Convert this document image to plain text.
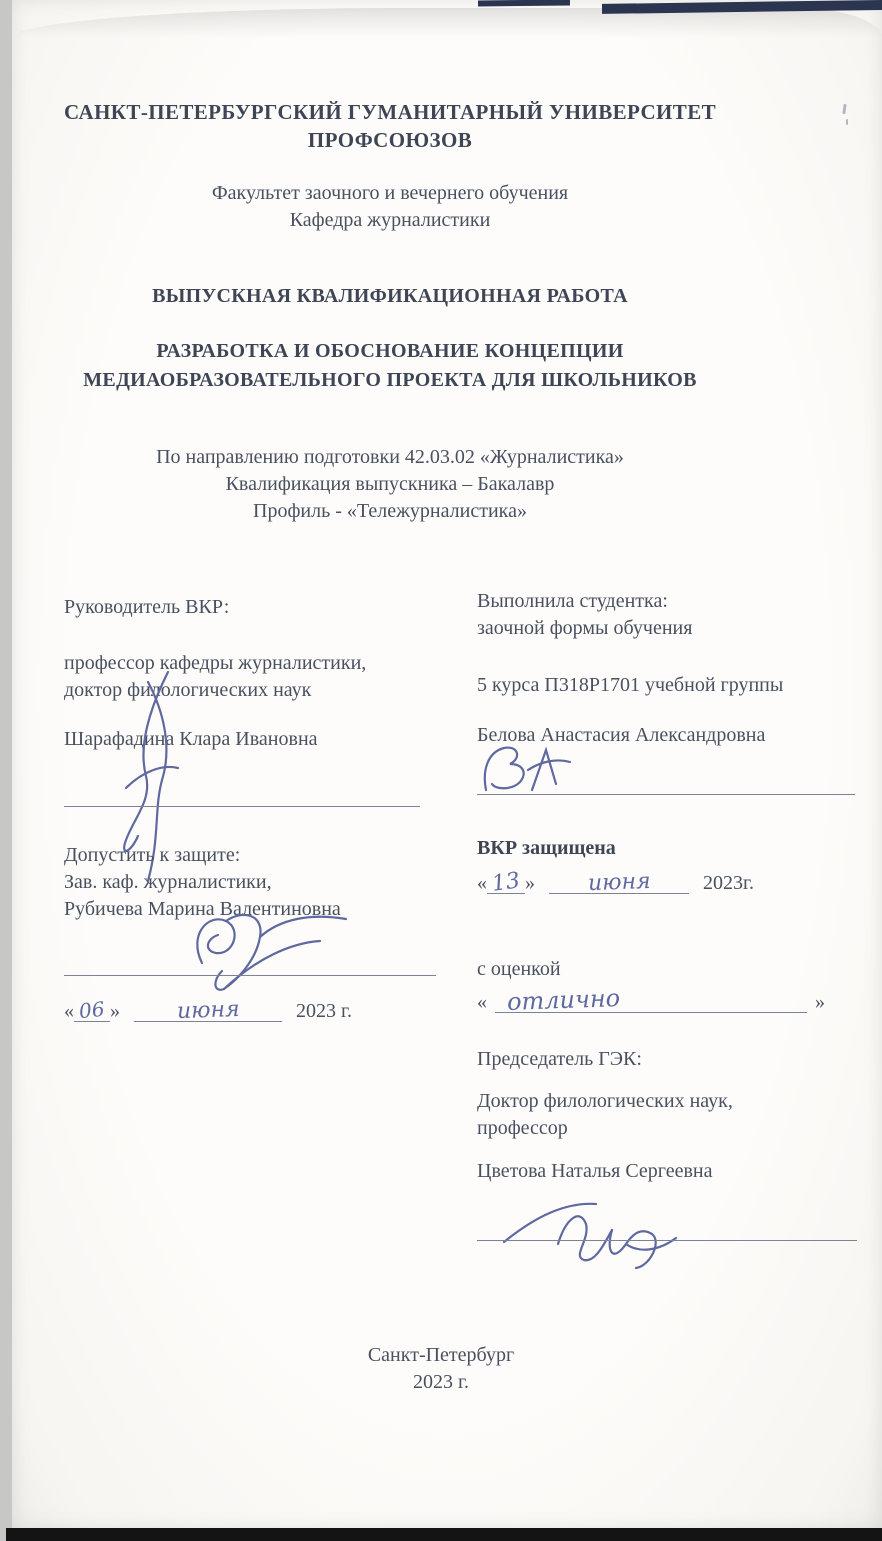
САНКТ-ПЕТЕРБУРГСКИЙ ГУМАНИТАРНЫЙ УНИВЕРСИТЕТ
ПРОФСОЮЗОВ
Факультет заочного и вечернего обучения
Кафедра журналистики
ВЫПУСКНАЯ КВАЛИФИКАЦИОННАЯ РАБОТА
РАЗРАБОТКА И ОБОСНОВАНИЕ КОНЦЕПЦИИ
МЕДИАОБРАЗОВАТЕЛЬНОГО ПРОЕКТА ДЛЯ ШКОЛЬНИКОВ
По направлению подготовки 42.03.02 «Журналистика»
Квалификация выпускника – Бакалавр
Профиль - «Тележурналистика»
Руководитель ВКР:
профессор кафедры журналистики,
доктор филологических наук
Шарафадина Клара Ивановна
Допустить к защите:
Зав. каф. журналистики,
Рубичева Марина Валентиновна
« 06 »	июня	2023 г.
Выполнила студентка:
заочной формы обучения
5 курса П318Р1701 учебной группы
Белова Анастасия Александровна
ВКР защищена
« 13 » июня	2023г.
с оценкой
« отлично	»
Председатель ГЭК:
Доктор филологических наук,
профессор
Цветова Наталья Сергеевна
Санкт-Петербург
2023 г.
